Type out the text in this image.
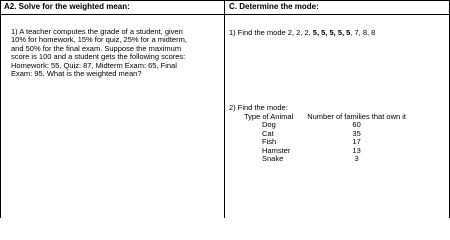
A2. Solve for the weighted mean:	C. Determine the mode:
1) A teacher computes the grade of a student, given
10% for homework, 15% for quiz, 25% for a midterm,
and 50% for the final exam. Suppose the maximum
score is 100 and a student gets the following scores:
Homework: 55, Quiz: 87, Midterm Exam: 65, Final
Exam: 95. What is the weighted mean?
1) Find the mode 2, 2, 2, 5, 5, 5, 5, 5, 7, 8, 8
2) Find the mode:
Type of Animal	Number of families that own it
Dog	60
Cat	35
Fish	17
Hamster	13
Snake	3
